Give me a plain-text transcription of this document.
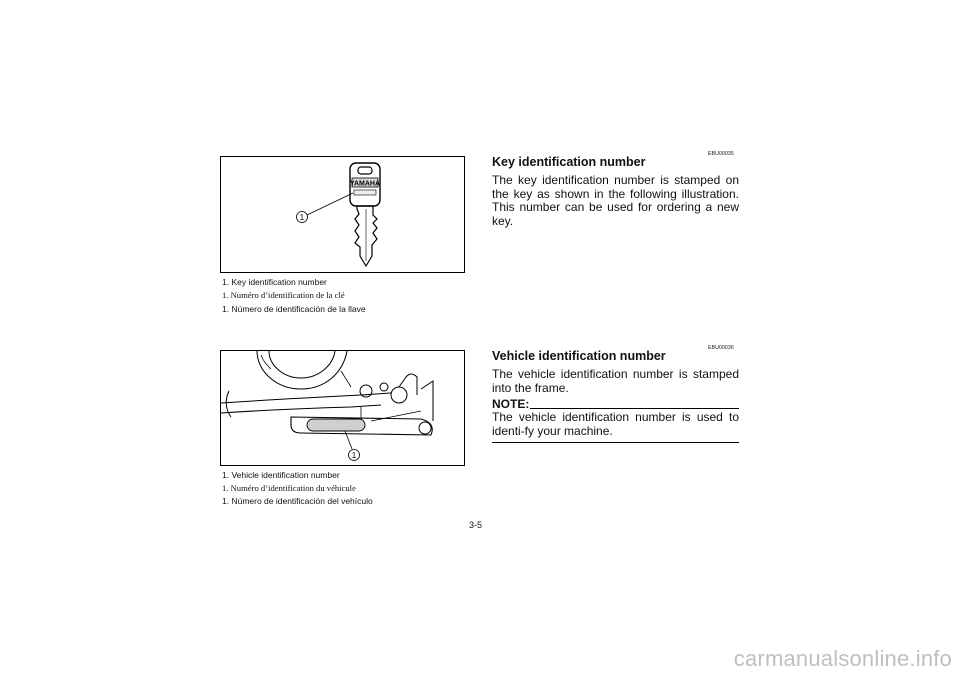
YAMAHA
1
1. Key identification number
1. Numéro d’identification de la clé
1. Número de identificación de la llave
1
1. Vehicle identification number
1. Numéro d’identification du véhicule
1. Número de identificación del vehículo
EBU00035
Key identification number
The key identification number is stamped on the key as shown in the following illustration. This number can be used for ordering a new key.
EBU00036
Vehicle identification number
The vehicle identification number is stamped into the frame.
NOTE:
The vehicle identification number is used to identi-fy your machine.
3-5
carmanualsonline.info
